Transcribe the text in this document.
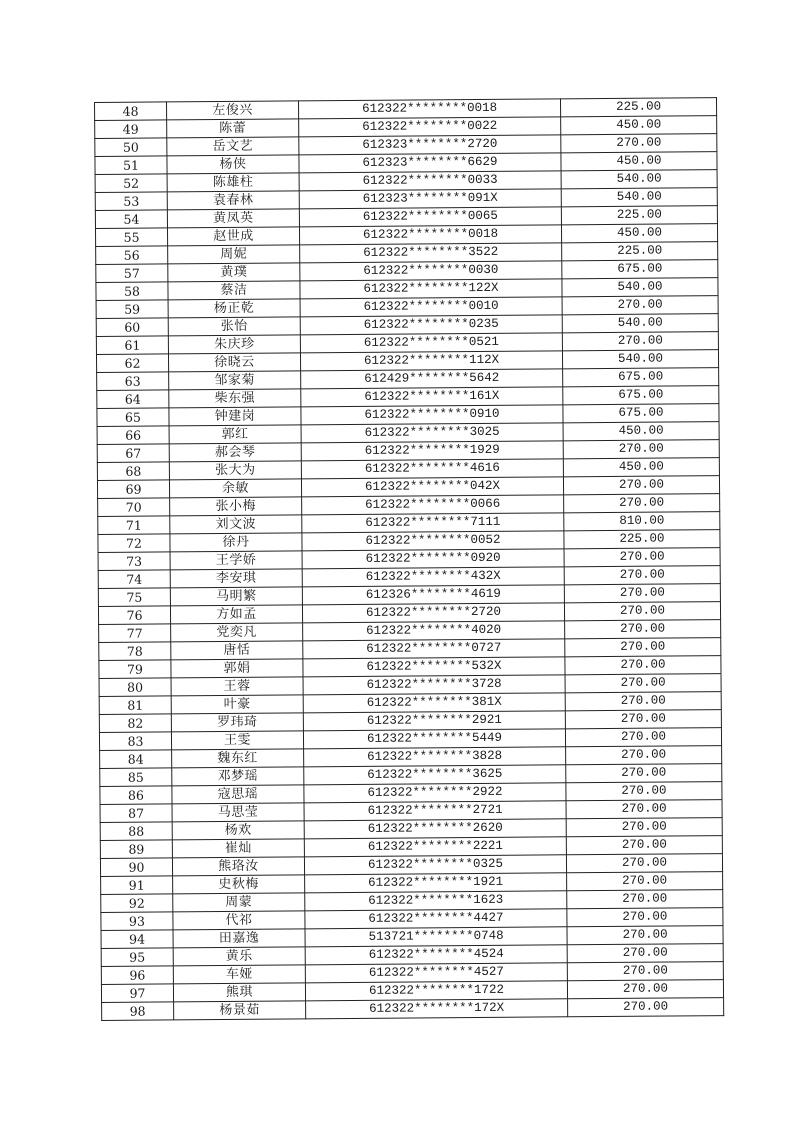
48	左俊兴	612322********0018	225.00
49	陈蕾	612322********0022	450.00
50	岳文艺	612323********2720	270.00
51	杨侠	612323********6629	450.00
52	陈雄柱	612322********0033	540.00
53	袁春林	612323********091X	540.00
54	黄凤英	612322********0065	225.00
55	赵世成	612322********0018	450.00
56	周妮	612322********3522	225.00
57	黄璞	612322********0030	675.00
58	蔡洁	612322********122X	540.00
59	杨正乾	612322********0010	270.00
60	张怡	612322********0235	540.00
61	朱庆珍	612322********0521	270.00
62	徐晓云	612322********112X	540.00
63	邹家菊	612429********5642	675.00
64	柴东强	612322********161X	675.00
65	钟建岗	612322********0910	675.00
66	郭红	612322********3025	450.00
67	郝会琴	612322********1929	270.00
68	张大为	612322********4616	450.00
69	余敏	612322********042X	270.00
70	张小梅	612322********0066	270.00
71	刘文波	612322********7111	810.00
72	徐丹	612322********0052	225.00
73	王学娇	612322********0920	270.00
74	李安琪	612322********432X	270.00
75	马明繁	612326********4619	270.00
76	方如孟	612322********2720	270.00
77	党奕凡	612322********4020	270.00
78	唐恬	612322********0727	270.00
79	郭娟	612322********532X	270.00
80	王蓉	612322********3728	270.00
81	叶豪	612322********381X	270.00
82	罗玮琦	612322********2921	270.00
83	王雯	612322********5449	270.00
84	魏东红	612322********3828	270.00
85	邓梦瑶	612322********3625	270.00
86	寇思瑶	612322********2922	270.00
87	马思莹	612322********2721	270.00
88	杨欢	612322********2620	270.00
89	崔灿	612322********2221	270.00
90	熊珞汝	612322********0325	270.00
91	史秋梅	612322********1921	270.00
92	周蒙	612322********1623	270.00
93	代祁	612322********4427	270.00
94	田嘉逸	513721********0748	270.00
95	黄乐	612322********4524	270.00
96	车娅	612322********4527	270.00
97	熊琪	612322********1722	270.00
98	杨景茹	612322********172X	270.00
